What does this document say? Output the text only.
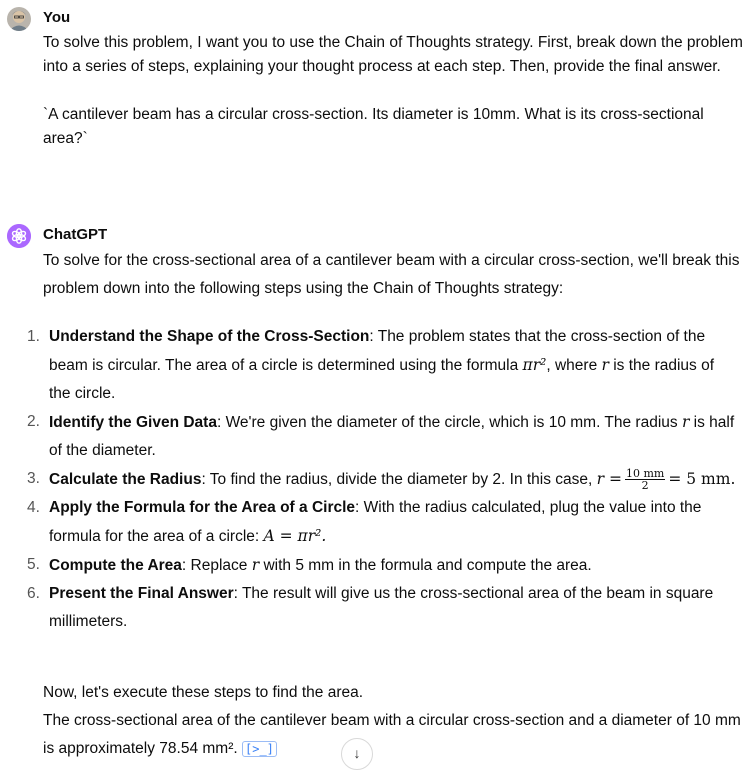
You

To solve this problem, I want you to use the Chain of Thoughts strategy. First, break down the problem into a series of steps, explaining your thought process at each step. Then, provide the final answer.

`A cantilever beam has a circular cross-section. Its diameter is 10mm. What is its cross-sectional area?`

ChatGPT
To solve for the cross-sectional area of a cantilever beam with a circular cross-section, we'll break this problem down into the following steps using the Chain of Thoughts strategy:
1. Understand the Shape of the Cross-Section: The problem states that the cross-section of the beam is circular. The area of a circle is determined using the formula πr², where r is the radius of the circle.
2. Identify the Given Data: We're given the diameter of the circle, which is 10 mm. The radius r is half of the diameter.
3. Calculate the Radius: To find the radius, divide the diameter by 2. In this case, $r = \frac{10 mm}{2} = 5$ mm.
4. Apply the Formula for the Area of a Circle: With the radius calculated, plug the value into the formula for the area of a circle: A = πr².
5. Compute the Area: Replace r with 5 mm in the formula and compute the area.
6. Present the Final Answer: The result will give us the cross-sectional area of the beam in square millimeters.

Now, let's execute these steps to find the area.

The cross-sectional area of the cantilever beam with a circular cross-section and a diameter of 10 mm is approximately 78.54 mm². [>_]	↓
